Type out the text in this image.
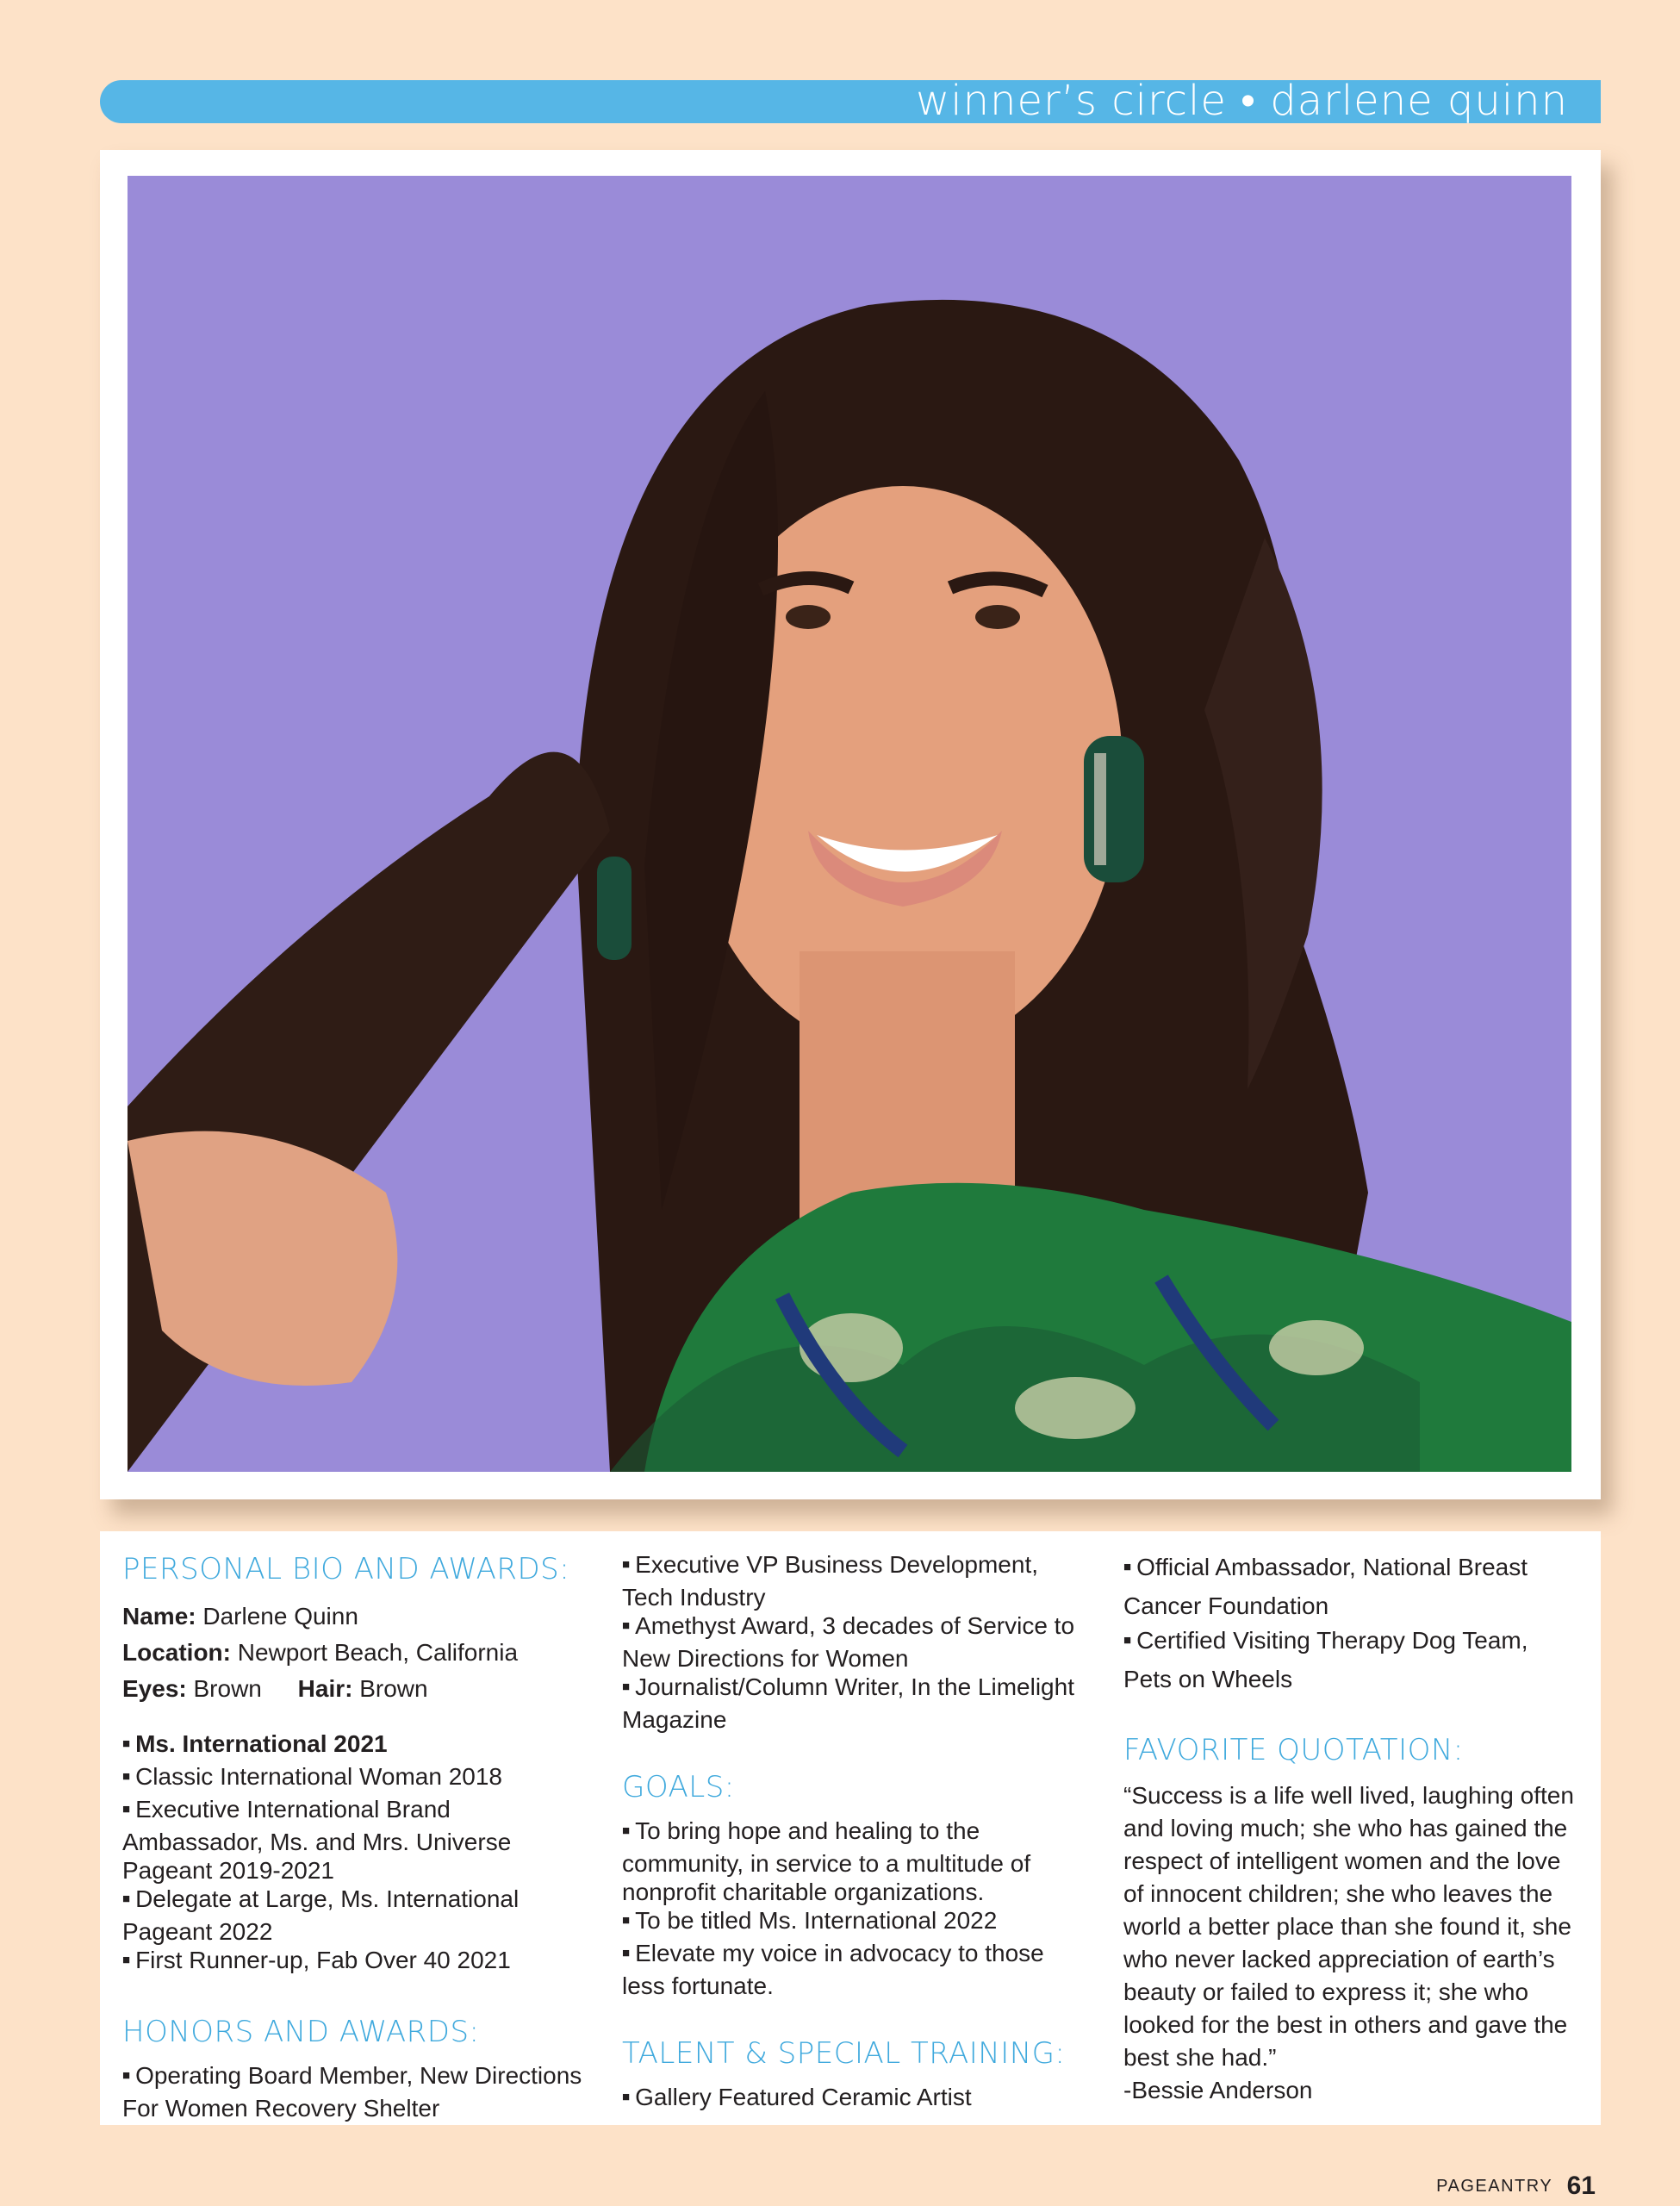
winner’s circle • darlene quinn
PERSONAL BIO AND AWARDS:

Name: Darlene Quinn

Location: Newport Beach, California

Eyes: Brown Hair: Brown

■ Ms. International 2021
■ Classic International Woman 2018
■ Executive International Brand Ambassador, Ms. and Mrs. Universe Pageant 2019-2021
■ Delegate at Large, Ms. International Pageant 2022
■ First Runner-up, Fab Over 40 2021
HONORS AND AWARDS:
■ Operating Board Member, New Directions For Women Recovery Shelter
■ Executive VP Business Development, Tech Industry
■ Amethyst Award, 3 decades of Service to New Directions for Women
■ Journalist/Column Writer, In the Limelight Magazine
GOALS:
■ To bring hope and healing to the community, in service to a multitude of nonprofit charitable organizations.
■ To be titled Ms. International 2022
■ Elevate my voice in advocacy to those less fortunate.
TALENT & SPECIAL TRAINING:
■ Gallery Featured Ceramic Artist
■ Official Ambassador, National Breast Cancer Foundation
■ Certified Visiting Therapy Dog Team, Pets on Wheels
FAVORITE QUOTATION:

“Success is a life well lived, laughing often and loving much; she who has gained the respect of intelligent women and the love of innocent children; she who leaves the world a better place than she found it, she who never lacked appreciation of earth’s beauty or failed to express it; she who looked for the best in others and gave the best she had.”

-Bessie Anderson

PAGEANTRY 61
